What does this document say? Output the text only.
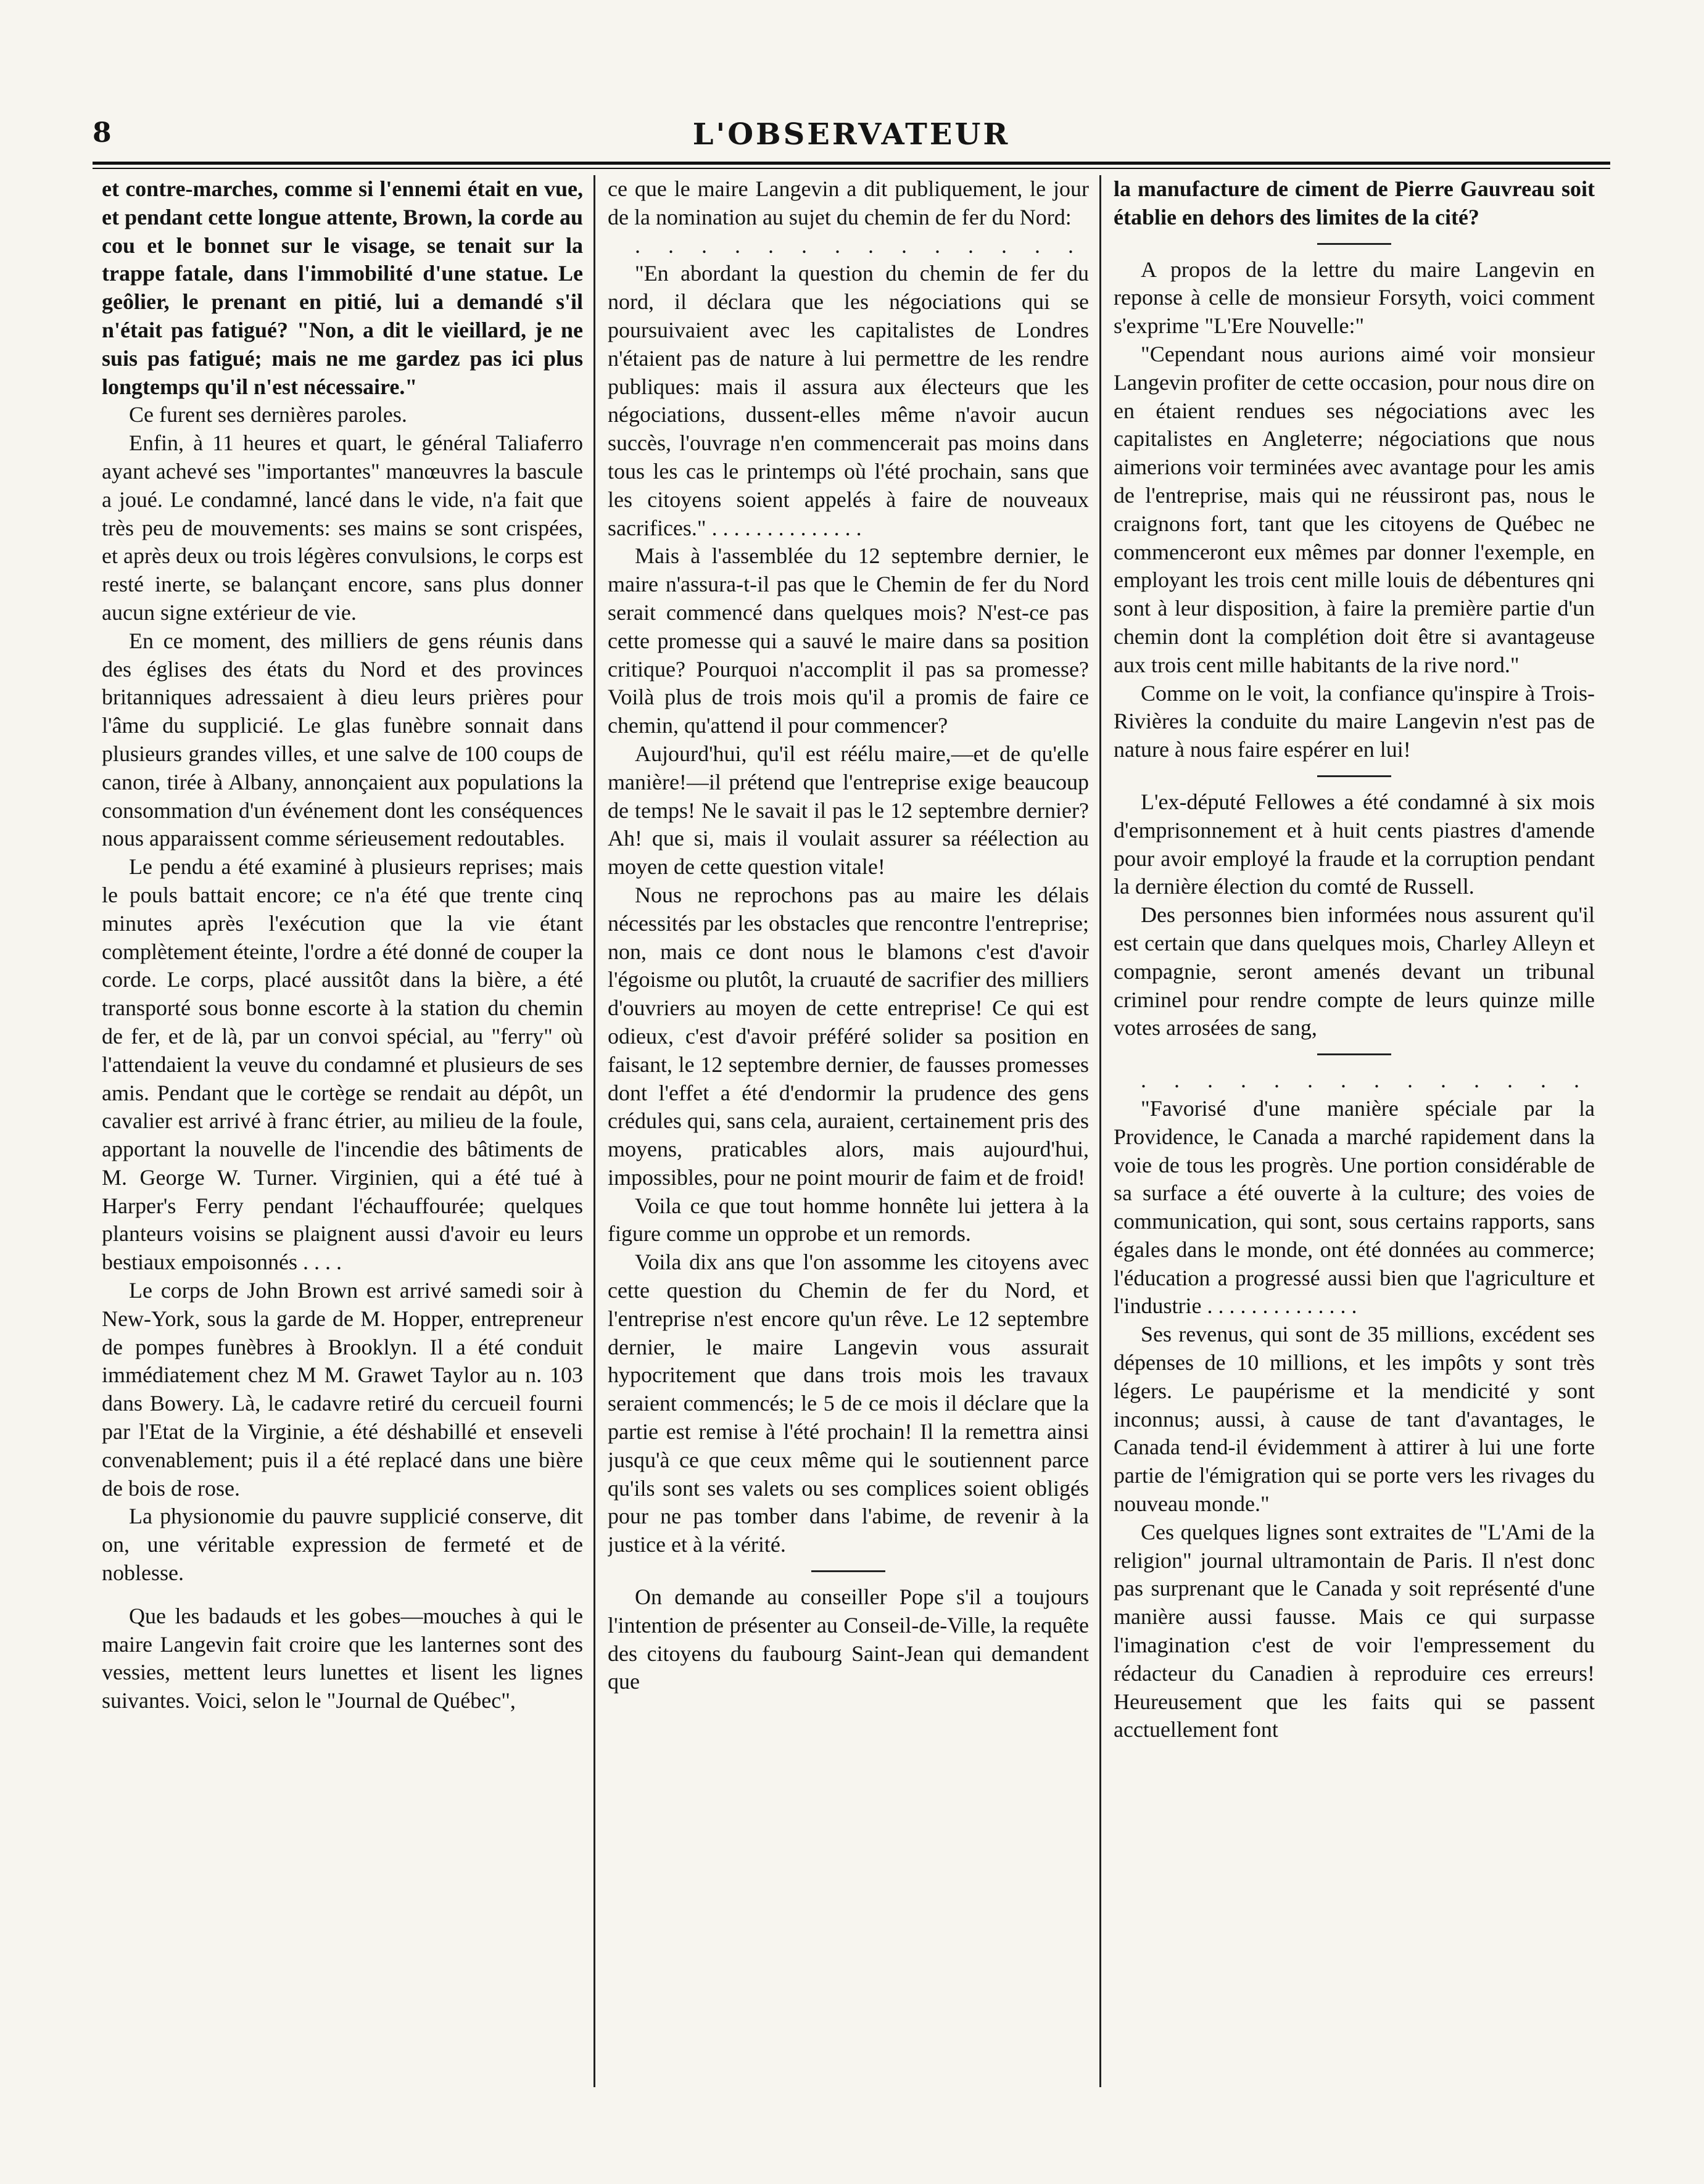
8	L'OBSERVATEUR

et contre-marches, comme si l'ennemi était en vue, et pendant cette longue attente, Brown, la corde au cou et le bonnet sur le visage, se tenait sur la trappe fatale, dans l'immobilité d'une statue. Le geôlier, le prenant en pitié, lui a demandé s'il n'était pas fatigué? "Non, a dit le vieillard, je ne suis pas fatigué; mais ne me gardez pas ici plus longtemps qu'il n'est nécessaire."

Ce furent ses dernières paroles.

Enfin, à 11 heures et quart, le général Taliaferro ayant achevé ses "importantes" manœuvres la bascule a joué. Le condamné, lancé dans le vide, n'a fait que très peu de mouvements: ses mains se sont crispées, et après deux ou trois légères convulsions, le corps est resté inerte, se balançant encore, sans plus donner aucun signe extérieur de vie.

En ce moment, des milliers de gens réunis dans des églises des états du Nord et des provinces britanniques adressaient à dieu leurs prières pour l'âme du supplicié. Le glas funèbre sonnait dans plusieurs grandes villes, et une salve de 100 coups de canon, tirée à Albany, annonçaient aux populations la consommation d'un événement dont les conséquences nous apparaissent comme sérieusement redoutables.

Le pendu a été examiné à plusieurs reprises; mais le pouls battait encore; ce n'a été que trente cinq minutes après l'exécution que la vie étant complètement éteinte, l'ordre a été donné de couper la corde. Le corps, placé aussitôt dans la bière, a été transporté sous bonne escorte à la station du chemin de fer, et de là, par un convoi spécial, au "ferry" où l'attendaient la veuve du condamné et plusieurs de ses amis. Pendant que le cortège se rendait au dépôt, un cavalier est arrivé à franc étrier, au milieu de la foule, apportant la nouvelle de l'incendie des bâtiments de M. George W. Turner. Virginien, qui a été tué à Harper's Ferry pendant l'échauffourée; quelques planteurs voisins se plaignent aussi d'avoir eu leurs bestiaux empoisonnés . . . .

Le corps de John Brown est arrivé samedi soir à New-York, sous la garde de M. Hopper, entrepreneur de pompes funèbres à Brooklyn. Il a été conduit immédiatement chez M M. Grawet Taylor au n. 103 dans Bowery. Là, le cadavre retiré du cercueil fourni par l'Etat de la Virginie, a été déshabillé et enseveli convenablement; puis il a été replacé dans une bière de bois de rose.

La physionomie du pauvre supplicié conserve, dit on, une véritable expression de fermeté et de noblesse.

Que les badauds et les gobes—mouches à qui le maire Langevin fait croire que les lanternes sont des vessies, mettent leurs lunettes et lisent les lignes suivantes. Voici, selon le "Journal de Québec",

ce que le maire Langevin a dit publiquement, le jour de la nomination au sujet du chemin de fer du Nord:

. . . . . . . . . . . . . .

"En abordant la question du chemin de fer du nord, il déclara que les négociations qui se poursuivaient avec les capitalistes de Londres n'étaient pas de nature à lui permettre de les rendre publiques: mais il assura aux électeurs que les négociations, dussent-elles même n'avoir aucun succès, l'ouvrage n'en commencerait pas moins dans tous les cas le printemps où l'été prochain, sans que les citoyens soient appelés à faire de nouveaux sacrifices." . . . . . . . . . . . . . .

Mais à l'assemblée du 12 septembre dernier, le maire n'assura-t-il pas que le Chemin de fer du Nord serait commencé dans quelques mois? N'est-ce pas cette promesse qui a sauvé le maire dans sa position critique? Pourquoi n'accomplit il pas sa promesse? Voilà plus de trois mois qu'il a promis de faire ce chemin, qu'attend il pour commencer?

Aujourd'hui, qu'il est réélu maire,—et de qu'elle manière!—il prétend que l'entreprise exige beaucoup de temps! Ne le savait il pas le 12 septembre dernier? Ah! que si, mais il voulait assurer sa réélection au moyen de cette question vitale!

Nous ne reprochons pas au maire les délais nécessités par les obstacles que rencontre l'entreprise; non, mais ce dont nous le blamons c'est d'avoir l'égoisme ou plutôt, la cruauté de sacrifier des milliers d'ouvriers au moyen de cette entreprise! Ce qui est odieux, c'est d'avoir préféré solider sa position en faisant, le 12 septembre dernier, de fausses promesses dont l'effet a été d'endormir la prudence des gens crédules qui, sans cela, auraient, certainement pris des moyens, praticables alors, mais aujourd'hui, impossibles, pour ne point mourir de faim et de froid!

Voila ce que tout homme honnête lui jettera à la figure comme un opprobe et un remords.

Voila dix ans que l'on assomme les citoyens avec cette question du Chemin de fer du Nord, et l'entreprise n'est encore qu'un rêve. Le 12 septembre dernier, le maire Langevin vous assurait hypocritement que dans trois mois les travaux seraient commencés; le 5 de ce mois il déclare que la partie est remise à l'été prochain! Il la remettra ainsi jusqu'à ce que ceux même qui le soutiennent parce qu'ils sont ses valets ou ses complices soient obligés pour ne pas tomber dans l'abime, de revenir à la justice et à la vérité.

On demande au conseiller Pope s'il a toujours l'intention de présenter au Conseil-de-Ville, la requête des citoyens du faubourg Saint-Jean qui demandent que

la manufacture de ciment de Pierre Gauvreau soit établie en dehors des limites de la cité?

A propos de la lettre du maire Langevin en reponse à celle de monsieur Forsyth, voici comment s'exprime "L'Ere Nouvelle:"

"Cependant nous aurions aimé voir monsieur Langevin profiter de cette occasion, pour nous dire on en étaient rendues ses négociations avec les capitalistes en Angleterre; négociations que nous aimerions voir terminées avec avantage pour les amis de l'entreprise, mais qui ne réussiront pas, nous le craignons fort, tant que les citoyens de Québec ne commenceront eux mêmes par donner l'exemple, en employant les trois cent mille louis de débentures qni sont à leur disposition, à faire la première partie d'un chemin dont la complétion doit être si avantageuse aux trois cent mille habitants de la rive nord."

Comme on le voit, la confiance qu'inspire à Trois-Rivières la conduite du maire Langevin n'est pas de nature à nous faire espérer en lui!

L'ex-député Fellowes a été condamné à six mois d'emprisonnement et à huit cents piastres d'amende pour avoir employé la fraude et la corruption pendant la dernière élection du comté de Russell.

Des personnes bien informées nous assurent qu'il est certain que dans quelques mois, Charley Alleyn et compagnie, seront amenés devant un tribunal criminel pour rendre compte de leurs quinze mille votes arrosées de sang,

. . . . . . . . . . . . . .

"Favorisé d'une manière spéciale par la Providence, le Canada a marché rapidement dans la voie de tous les progrès. Une portion considérable de sa surface a été ouverte à la culture; des voies de communication, qui sont, sous certains rapports, sans égales dans le monde, ont été données au commerce; l'éducation a progressé aussi bien que l'agriculture et l'industrie . . . . . . . . . . . . . .

Ses revenus, qui sont de 35 millions, excédent ses dépenses de 10 millions, et les impôts y sont très légers. Le paupérisme et la mendicité y sont inconnus; aussi, à cause de tant d'avantages, le Canada tend-il évidemment à attirer à lui une forte partie de l'émigration qui se porte vers les rivages du nouveau monde."

Ces quelques lignes sont extraites de "L'Ami de la religion" journal ultramontain de Paris. Il n'est donc pas surprenant que le Canada y soit représenté d'une manière aussi fausse. Mais ce qui surpasse l'imagination c'est de voir l'empressement du rédacteur du Canadien à reproduire ces erreurs! Heureusement que les faits qui se passent acctuellement font
